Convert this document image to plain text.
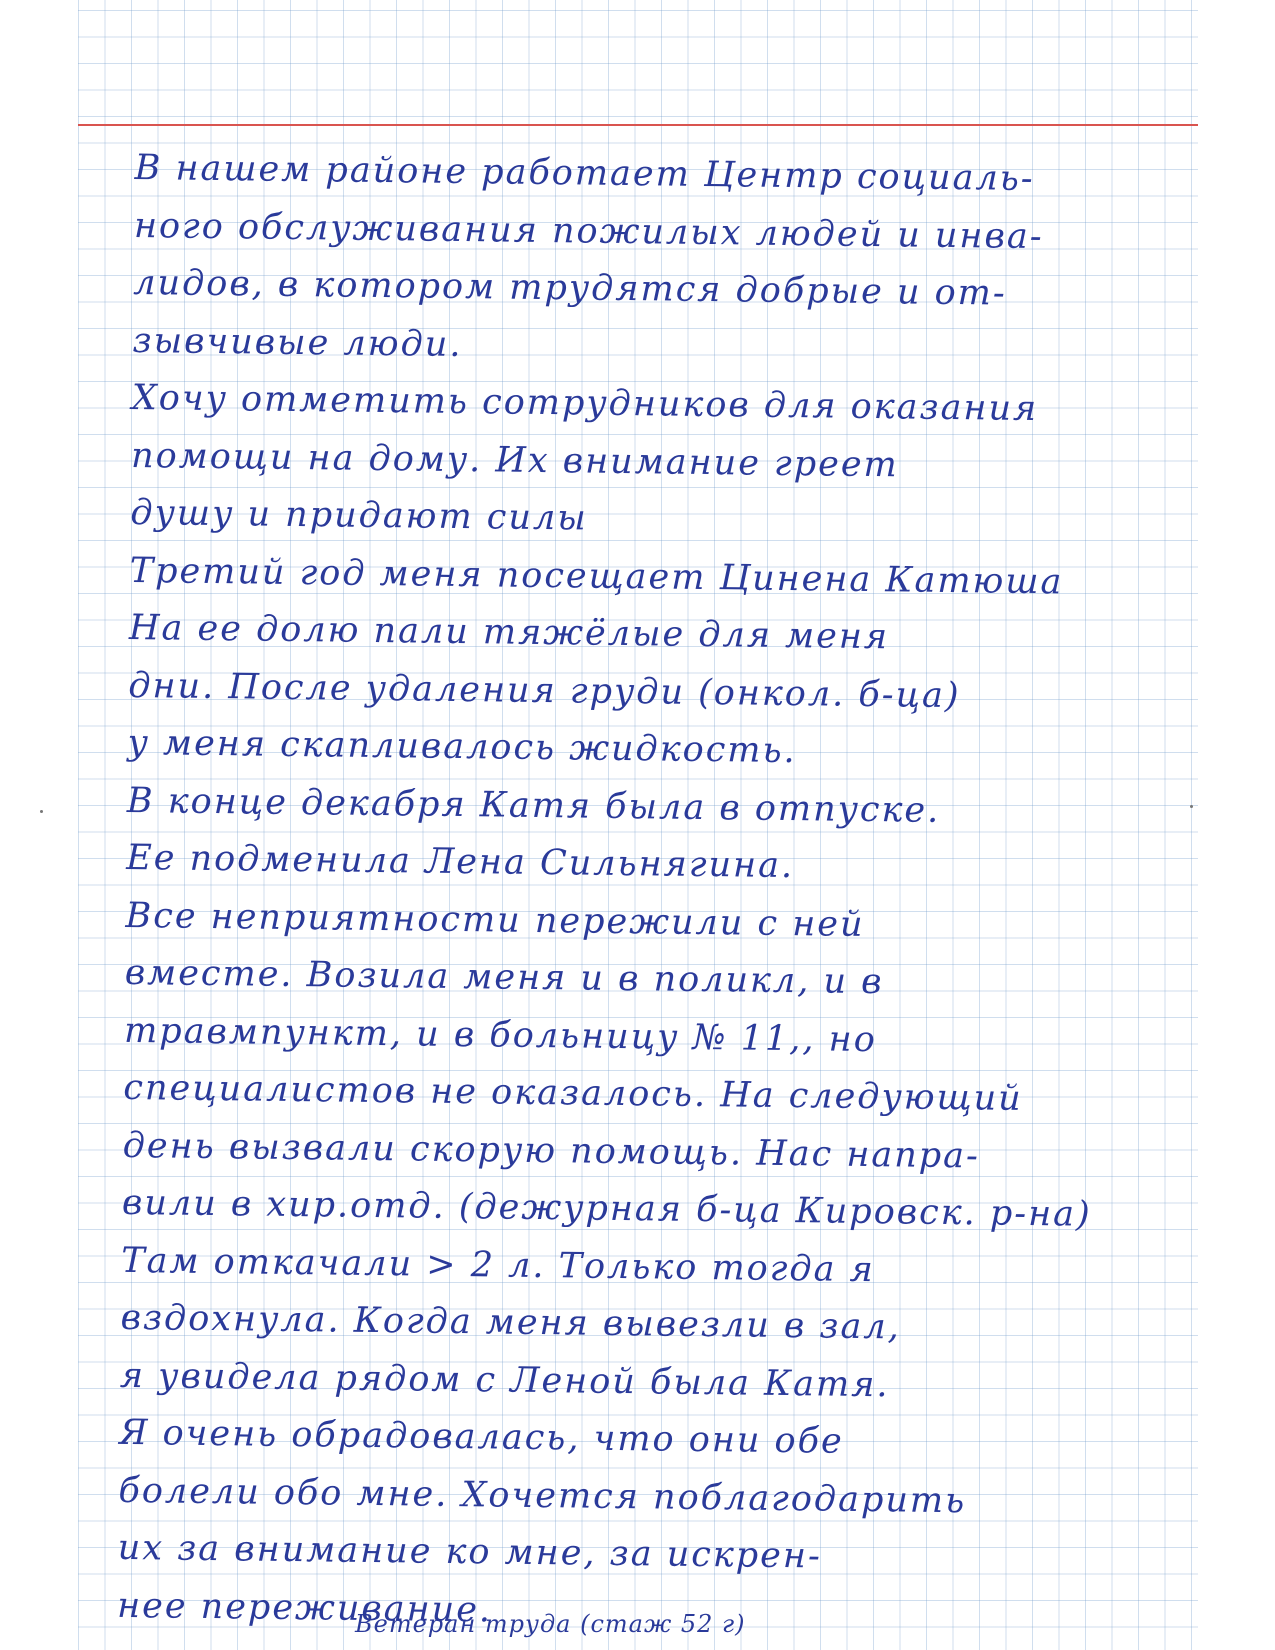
В нашем районе работает Центр социаль-
ного обслуживания пожилых людей и инва-
лидов, в котором трудятся добрые и от-
зывчивые люди.
Хочу отметить сотрудников для оказания
помощи на дому. Их внимание греет
душу и придают силы
Третий год меня посещает Цинена Катюша
На ее долю пали тяжёлые для меня
дни. После удаления груди (онкол. б-ца)
у меня скапливалось жидкость.
В конце декабря Катя была в отпуске.
Ее подменила Лена Сильнягина.
Все неприятности пережили с ней
вместе. Возила меня и в поликл, и в
травмпункт, и в больницу № 11,, но
специалистов не оказалось. На следующий
день вызвали скорую помощь. Нас напра-
вили в хир.отд. (дежурная б-ца Кировск. р-на)
Там откачали > 2 л. Только тогда я
вздохнула. Когда меня вывезли в зал,
я увидела рядом с Леной была Катя.
Я очень обрадовалась, что они обе
болели обо мне. Хочется поблагодарить
их за внимание ко мне, за искрен-
нее переживание.
Ветеран труда (стаж 52 г)
